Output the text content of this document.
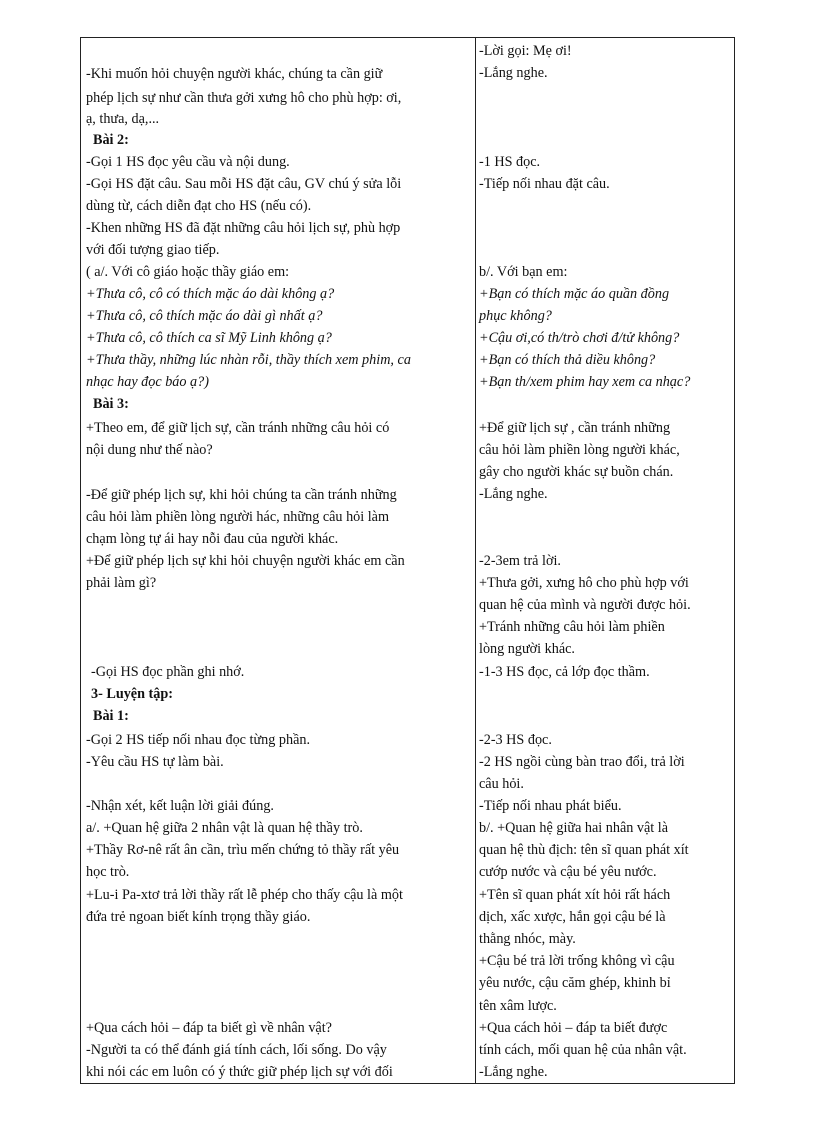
-Khi muốn hỏi chuyện người khác, chúng ta cần giữ
phép lịch sự như cần thưa gởi xưng hô cho phù hợp: ơi,
ạ, thưa, dạ,...
Bài 2:
-Gọi 1 HS đọc yêu cầu và nội dung.
-Gọi HS đặt câu. Sau mỗi HS đặt câu, GV chú ý sửa lỗi
dùng từ, cách diễn đạt cho HS (nếu có).
-Khen những HS đã đặt những câu hỏi lịch sự, phù hợp
với đối tượng giao tiếp.
( a/. Với cô giáo hoặc thầy giáo em:
+Thưa cô, cô có thích mặc áo dài không ạ?
+Thưa cô, cô thích mặc áo dài gì nhất ạ?
+Thưa cô, cô thích ca sĩ Mỹ Linh không ạ?
+Thưa thầy, những lúc nhàn rỗi, thầy thích xem phim, ca
nhạc hay đọc báo ạ?)
Bài 3:
+Theo em, để giữ lịch sự, cần tránh những câu hỏi có
nội dung như thế nào?
-Để giữ phép lịch sự, khi hỏi chúng ta cần tránh những
câu hỏi làm phiền lòng người hác, những câu hỏi làm
chạm lòng tự ái hay nỗi đau của người khác.
+Để giữ phép lịch sự khi hỏi chuyện người khác em cần
phải làm gì?
-Gọi HS đọc phần ghi nhớ.
3- Luyện tập:
Bài 1:
-Gọi 2 HS tiếp nối nhau đọc từng phần.
-Yêu cầu HS tự làm bài.
-Nhận xét, kết luận lời giải đúng.
a/. +Quan hệ giữa 2 nhân vật là quan hệ thầy trò.
+Thầy Rơ-nê rất ân cần, trìu mến chứng tỏ thầy rất yêu
học trò.
+Lu-i Pa-xtơ trả lời thầy rất lễ phép cho thấy cậu là một
đứa trẻ ngoan biết kính trọng thầy giáo.
+Qua cách hỏi – đáp ta biết gì về nhân vật?
-Người ta có thể đánh giá tính cách, lối sống. Do vậy
khi nói các em luôn có ý thức giữ phép lịch sự với đối
-Lời gọi: Mẹ ơi!
-Lắng nghe.
-1 HS đọc.
-Tiếp nối nhau đặt câu.
b/. Với bạn em:
+Bạn có thích mặc áo quần đồng
phục không?
+Cậu ơi,có th/trò chơi đ/tử không?
+Bạn có thích thả diều không?
+Bạn th/xem phim hay xem ca nhạc?
+Để giữ lịch sự , cần tránh những
câu hỏi làm phiền lòng người khác,
gây cho người khác sự buồn chán.
-Lắng nghe.
-2-3em trả lời.
+Thưa gởi, xưng hô cho phù hợp với
quan hệ của mình và người được hỏi.
+Tránh những câu hỏi làm phiền
lòng người khác.
-1-3 HS đọc, cả lớp đọc thầm.
-2-3 HS đọc.
-2 HS ngồi cùng bàn trao đổi, trả lời
câu hỏi.
-Tiếp nối nhau phát biểu.
b/. +Quan hệ giữa hai nhân vật là
quan hệ thù địch: tên sĩ quan phát xít
cướp nước và cậu bé yêu nước.
+Tên sĩ quan phát xít hỏi rất hách
dịch, xấc xược, hắn gọi cậu bé là
thằng nhóc, mày.
+Cậu bé trả lời trống không vì cậu
yêu nước, cậu căm ghép, khinh bỉ
tên xâm lược.
+Qua cách hỏi – đáp ta biết được
tính cách, mối quan hệ của nhân vật.
-Lắng nghe.
